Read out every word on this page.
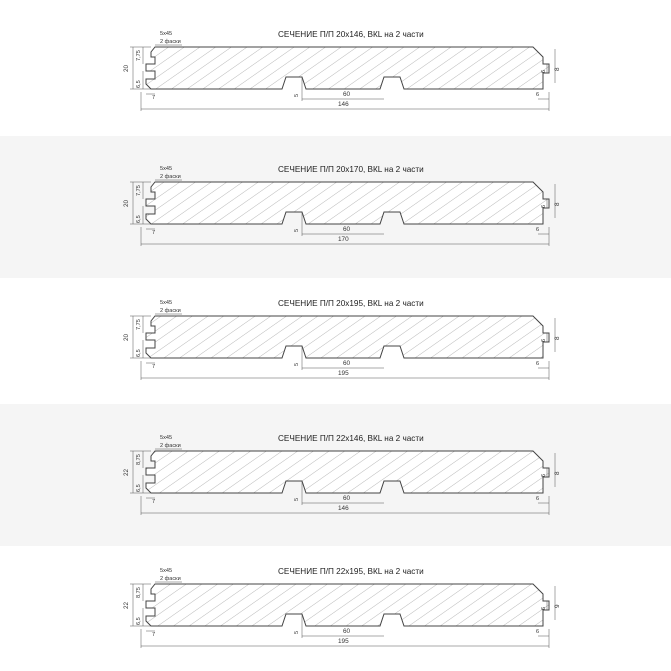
СЕЧЕНИЕ П/П 20х146, ВКL на 2 части
5х45
2 фаски
20
7,75
6,5
8
6
7	5	60	6
146
СЕЧЕНИЕ П/П 20х170, ВКL на 2 части
5х45
2 фаски
20
7,75
6,5
8
6
7	5	60	6
170
СЕЧЕНИЕ П/П 20х195, ВКL на 2 части
5х45
2 фаски
20
7,75
6,5
8
6
7	5	60	6
195
СЕЧЕНИЕ П/П 22х146, ВКL на 2 части
5х45
2 фаски
22
8,75
6,5
8
6
7	5	60	6
146
СЕЧЕНИЕ П/П 22х195, ВКL на 2 части
5х45
2 фаски
22
8,75
6,5
9
6
7	5	60	6
195
